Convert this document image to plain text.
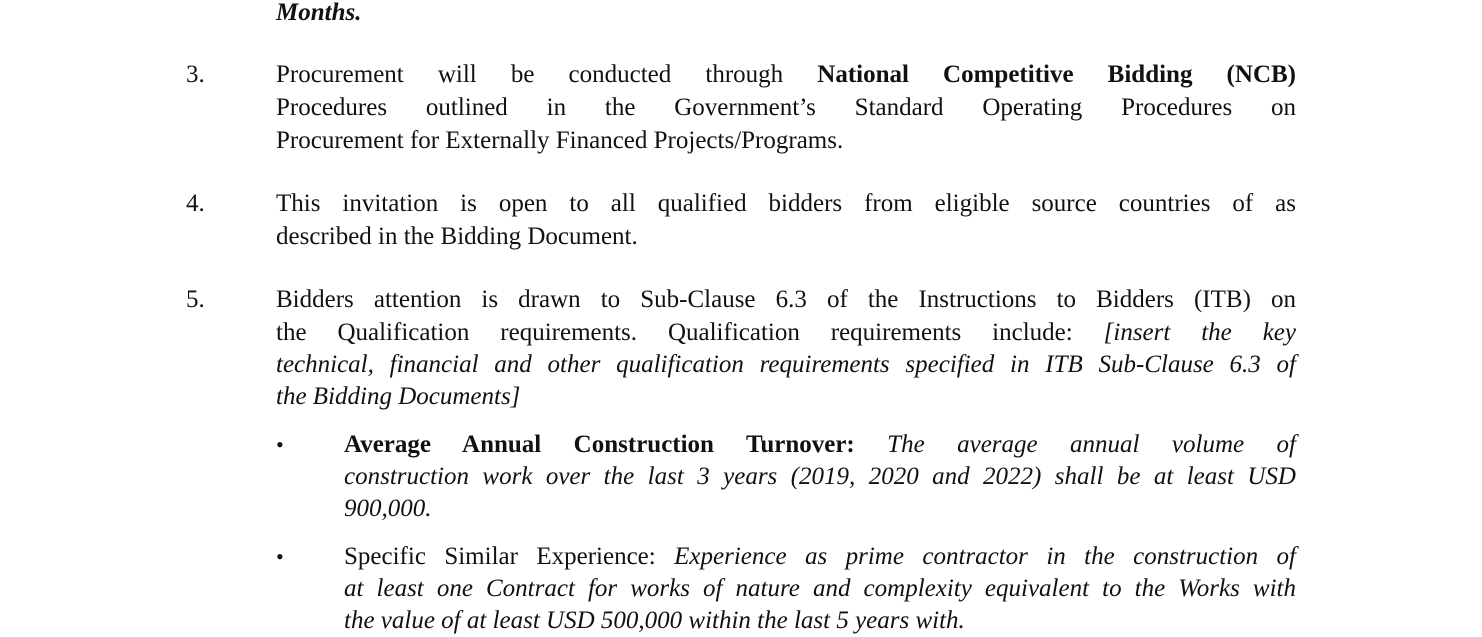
Months.
3.	Procurement will be conducted through National Competitive Bidding (NCB)
Procedures outlined in the Government’s Standard Operating Procedures on
Procurement for Externally Financed Projects/Programs.
4.	This invitation is open to all qualified bidders from eligible source countries of as
described in the Bidding Document.
5.	Bidders attention is drawn to Sub-Clause 6.3 of the Instructions to Bidders (ITB) on
the Qualification requirements. Qualification requirements include: [insert the key
technical, financial and other qualification requirements specified in ITB Sub-Clause 6.3 of
the Bidding Documents]
• Average Annual Construction Turnover: The average annual volume of
construction work over the last 3 years (2019, 2020 and 2022) shall be at least USD
900,000.
• Specific Similar Experience: Experience as prime contractor in the construction of
at least one Contract for works of nature and complexity equivalent to the Works with
the value of at least USD 500,000 within the last 5 years with.
